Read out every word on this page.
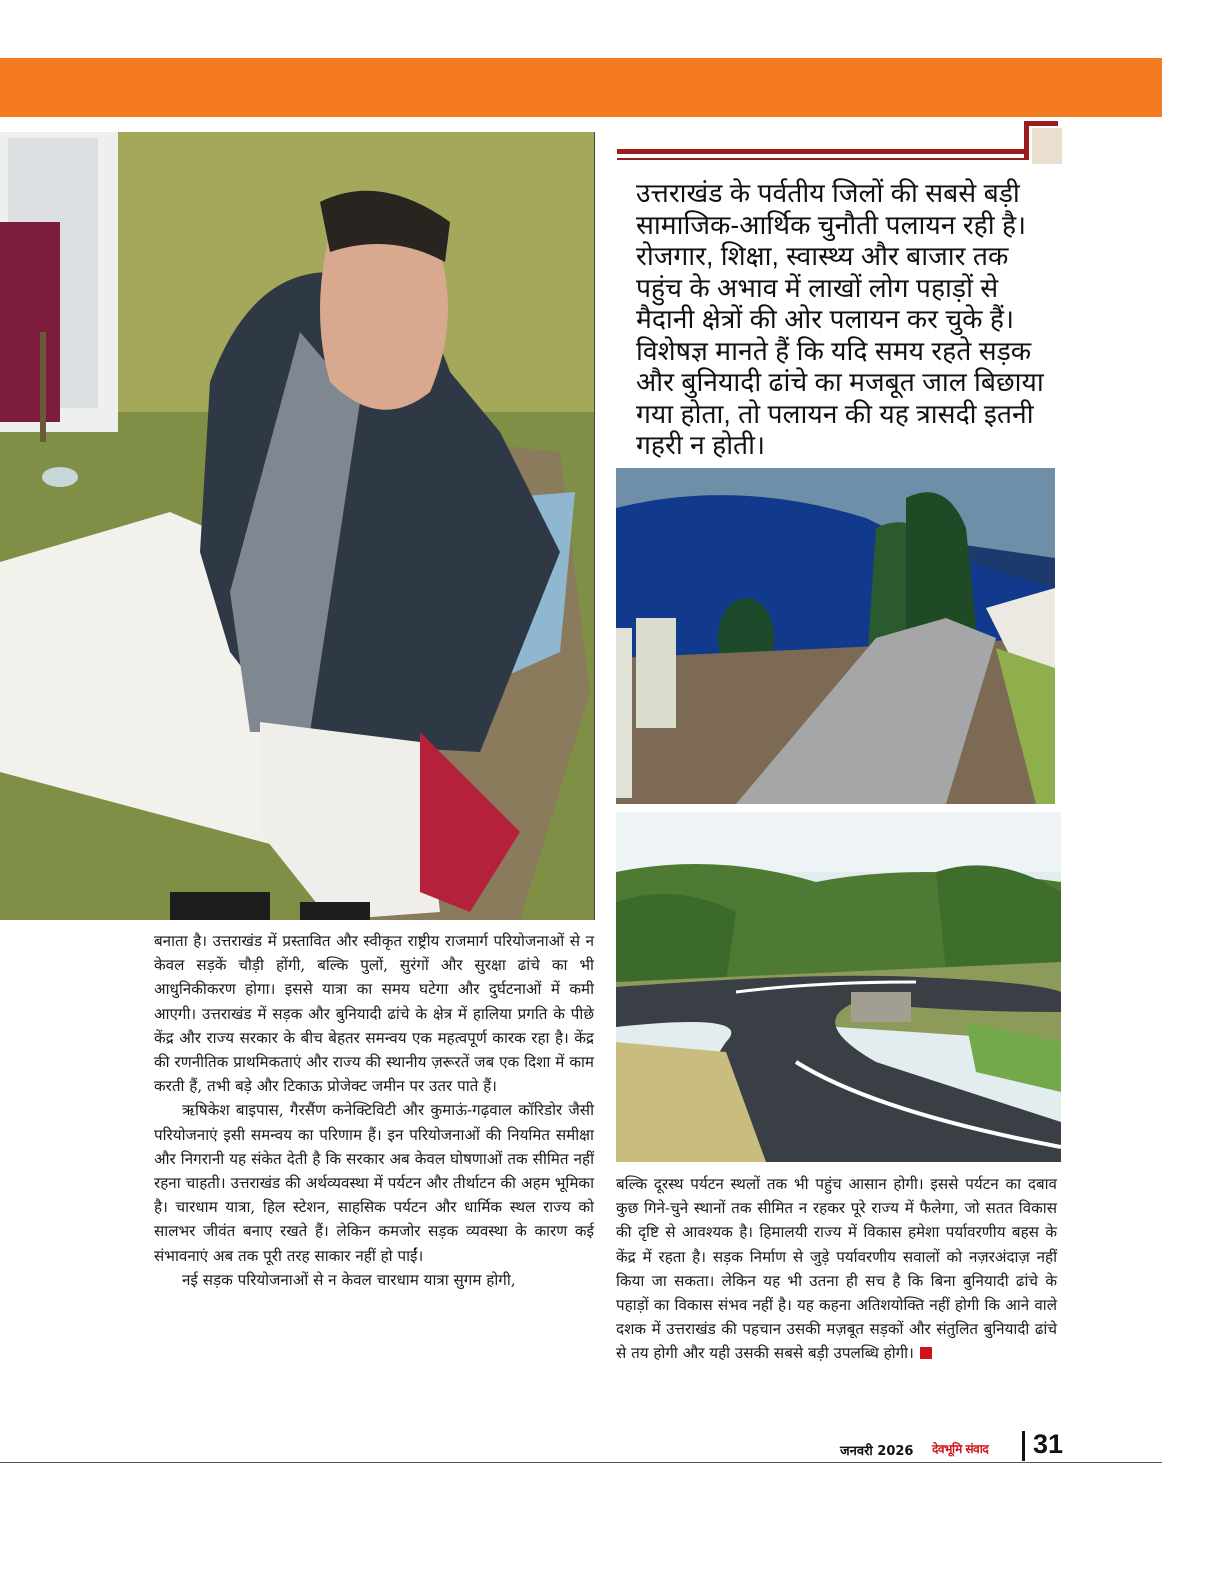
उत्तराखंड के पर्वतीय जिलों की सबसे बड़ी सामाजिक-आर्थिक चुनौती पलायन रही है। रोजगार, शिक्षा, स्वास्थ्य और बाजार तक पहुंच के अभाव में लाखों लोग पहाड़ों से मैदानी क्षेत्रों की ओर पलायन कर चुके हैं। विशेषज्ञ मानते हैं कि यदि समय रहते सड़क और बुनियादी ढांचे का मजबूत जाल बिछाया गया होता, तो पलायन की यह त्रासदी इतनी गहरी न होती।

बनाता है। उत्तराखंड में प्रस्तावित और स्वीकृत राष्ट्रीय राजमार्ग परियोजनाओं से न केवल सड़कें चौड़ी होंगी, बल्कि पुलों, सुरंगों और सुरक्षा ढांचे का भी आधुनिकीकरण होगा। इससे यात्रा का समय घटेगा और दुर्घटनाओं में कमी आएगी। उत्तराखंड में सड़क और बुनियादी ढांचे के क्षेत्र में हालिया प्रगति के पीछे केंद्र और राज्य सरकार के बीच बेहतर समन्वय एक महत्वपूर्ण कारक रहा है। केंद्र की रणनीतिक प्राथमिकताएं और राज्य की स्थानीय ज़रूरतें जब एक दिशा में काम करती हैं, तभी बड़े और टिकाऊ प्रोजेक्ट जमीन पर उतर पाते हैं।

ऋषिकेश बाइपास, गैरसैंण कनेक्टिविटी और कुमाऊं-गढ़वाल कॉरिडोर जैसी परियोजनाएं इसी समन्वय का परिणाम हैं। इन परियोजनाओं की नियमित समीक्षा और निगरानी यह संकेत देती है कि सरकार अब केवल घोषणाओं तक सीमित नहीं रहना चाहती। उत्तराखंड की अर्थव्यवस्था में पर्यटन और तीर्थाटन की अहम भूमिका है। चारधाम यात्रा, हिल स्टेशन, साहसिक पर्यटन और धार्मिक स्थल राज्य को सालभर जीवंत बनाए रखते हैं। लेकिन कमजोर सड़क व्यवस्था के कारण कई संभावनाएं अब तक पूरी तरह साकार नहीं हो पाईं।

नई सड़क परियोजनाओं से न केवल चारधाम यात्रा सुगम होगी,

बल्कि दूरस्थ पर्यटन स्थलों तक भी पहुंच आसान होगी। इससे पर्यटन का दबाव कुछ गिने-चुने स्थानों तक सीमित न रहकर पूरे राज्य में फैलेगा, जो सतत विकास की दृष्टि से आवश्यक है। हिमालयी राज्य में विकास हमेशा पर्यावरणीय बहस के केंद्र में रहता है। सड़क निर्माण से जुड़े पर्यावरणीय सवालों को नज़रअंदाज़ नहीं किया जा सकता। लेकिन यह भी उतना ही सच है कि बिना बुनियादी ढांचे के पहाड़ों का विकास संभव नहीं है। यह कहना अतिशयोक्ति नहीं होगी कि आने वाले दशक में उत्तराखंड की पहचान उसकी मज़बूत सड़कों और संतुलित बुनियादी ढांचे से तय होगी और यही उसकी सबसे बड़ी उपलब्धि होगी।

जनवरी 2026 देवभूमि संवाद 31
